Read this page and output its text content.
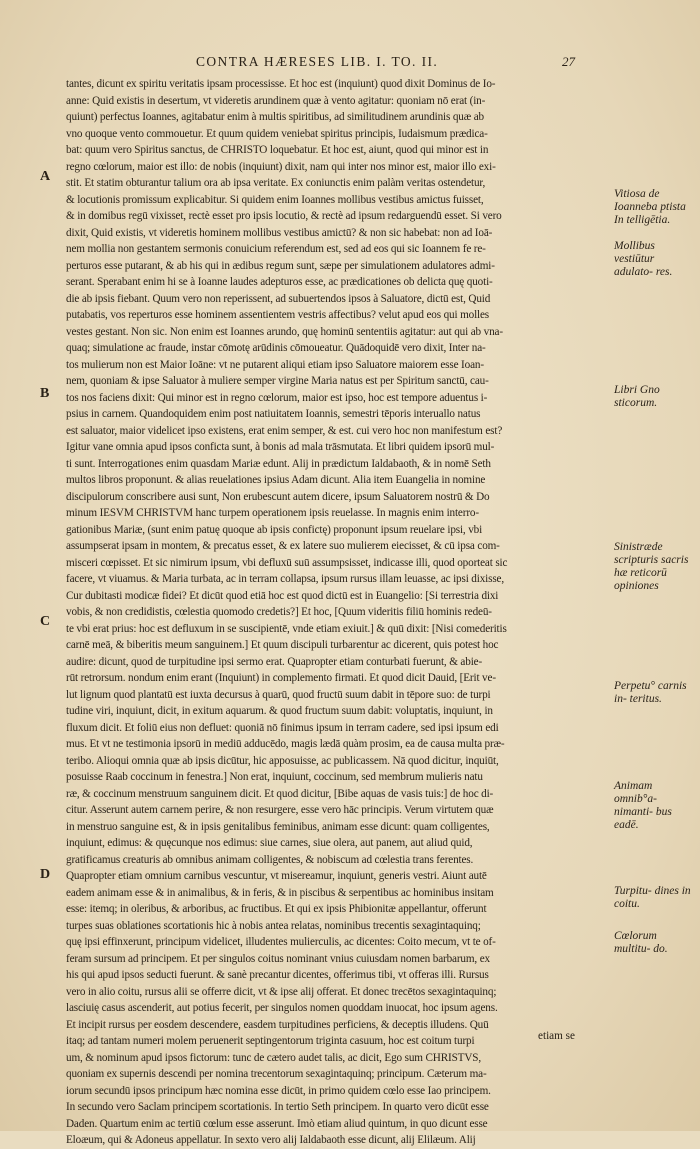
CONTRA HÆRESES LIB. I. TO. II.	27
tantes, dicunt ex spiritu veritatis ipsam processisse. Et hoc est (inquiunt) quod dixit Dominus de Io-
anne: Quid existis in desertum, vt videretis arundinem quæ à vento agitatur: quoniam nō erat (in-
quiunt) perfectus Ioannes, agitabatur enim à multis spiritibus, ad similitudinem arundinis quæ ab
vno quoque vento commouetur. Et quum quidem veniebat spiritus principis, Iudaismum prædica-
bat: quum vero Spiritus sanctus, de CHRISTO loquebatur. Et hoc est, aiunt, quod qui minor est in
regno cœlorum, maior est illo: de nobis (inquiunt) dixit, nam qui inter nos minor est, maior illo exi-
stit. Et statim obturantur talium ora ab ipsa veritate. Ex coniunctis enim palàm veritas ostendetur,
& locutionis promissum explicabitur. Si quidem enim Ioannes mollibus vestibus amictus fuisset,
& in domibus regū vixisset, rectè esset pro ipsis locutio, & rectè ad ipsum redarguendū esset. Si vero
dixit, Quid existis, vt videretis hominem mollibus vestibus amictū? & non sic habebat: non ad Ioā-
nem mollia non gestantem sermonis conuicium referendum est, sed ad eos qui sic Ioannem fe re-
perturos esse putarant, & ab his qui in ædibus regum sunt, sæpe per simulationem adulatores admi-
serant. Sperabant enim hi se à Ioanne laudes adepturos esse, ac prædicationes ob delicta quę quoti-
die ab ipsis fiebant. Quum vero non reperissent, ad subuertendos ipsos à Saluatore, dictū est, Quid
putabatis, vos reperturos esse hominem assentientem vestris affectibus? velut apud eos qui molles
vestes gestant. Non sic. Non enim est Ioannes arundo, quę hominū sententiis agitatur: aut qui ab vna-
quaq; simulatione ac fraude, instar cōmotę arūdinis cōmoueatur. Quādoquidē vero dixit, Inter na-
tos mulierum non est Maior Ioāne: vt ne putarent aliqui etiam ipso Saluatore maiorem esse Ioan-
nem, quoniam & ipse Saluator à muliere semper virgine Maria natus est per Spiritum sanctū, cau-
tos nos faciens dixit: Qui minor est in regno cœlorum, maior est ipso, hoc est tempore aduentus i-
psius in carnem. Quandoquidem enim post natiuitatem Ioannis, semestri tēporis interuallo natus
est saluator, maior videlicet ipso existens, erat enim semper, & est. cui vero hoc non manifestum est?
Igitur vane omnia apud ipsos conficta sunt, à bonis ad mala trāsmutata. Et libri quidem ipsorū mul-
ti sunt. Interrogationes enim quasdam Mariæ edunt. Alij in prædictum Ialdabaoth, & in nomē Seth
multos libros proponunt. & alias reuelationes ipsius Adam dicunt. Alia item Euangelia in nomine
discipulorum conscribere ausi sunt, Non erubescunt autem dicere, ipsum Saluatorem nostrū & Do
minum IESVM CHRISTVM hanc turpem operationem ipsis reuelasse. In magnis enim interro-
gationibus Mariæ, (sunt enim patuę quoque ab ipsis confictę) proponunt ipsum reuelare ipsi, vbi
assumpserat ipsam in montem, & precatus esset, & ex latere suo mulierem eiecisset, & cū ipsa com-
misceri cœpisset. Et sic nimirum ipsum, vbi defluxū suū assumpsisset, indicasse illi, quod oporteat sic
facere, vt viuamus. & Maria turbata, ac in terram collapsa, ipsum rursus illam leuasse, ac ipsi dixisse,
Cur dubitasti modicæ fidei? Et dicūt quod etiā hoc est quod dictū est in Euangelio: [Si terrestria dixi
vobis, & non credidistis, cœlestia quomodo credetis?] Et hoc, [Quum videritis filiū hominis redeū-
te vbi erat prius: hoc est defluxum in se suscipientē, vnde etiam exiuit.] & quū dixit: [Nisi comederitis
carnē meā, & biberitis meum sanguinem.] Et quum discipuli turbarentur ac dicerent, quis potest hoc
audire: dicunt, quod de turpitudine ipsi sermo erat. Quapropter etiam conturbati fuerunt, & abie-
rūt retrorsum. nondum enim erant (Inquiunt) in complemento firmati. Et quod dicit Dauid, [Erit ve-
lut lignum quod plantatū est iuxta decursus à quarū, quod fructū suum dabit in tēpore suo: de turpi
tudine viri, inquiunt, dicit, in exitum aquarum. & quod fructum suum dabit: voluptatis, inquiunt, in
fluxum dicit. Et foliū eius non defluet: quoniā nō finimus ipsum in terram cadere, sed ipsi ipsum edi
mus. Et vt ne testimonia ipsorū in mediū adducēdo, magis lædā quàm prosim, ea de causa multa præ-
teribo. Alioqui omnia quæ ab ipsis dicūtur, hic apposuisse, ac publicassem. Nā quod dicitur, inquiūt,
posuisse Raab coccinum in fenestra.] Non erat, inquiunt, coccinum, sed membrum mulieris natu
ræ, & coccinum menstruum sanguinem dicit. Et quod dicitur, [Bibe aquas de vasis tuis:] de hoc di-
citur. Asserunt autem carnem perire, & non resurgere, esse vero hāc principis. Verum virtutem quæ
in menstruo sanguine est, & in ipsis genitalibus feminibus, animam esse dicunt: quam colligentes,
inquiunt, edimus: & quęcunque nos edimus: siue carnes, siue olera, aut panem, aut aliud quid,
gratificamus creaturis ab omnibus animam colligentes, & nobiscum ad cœlestia trans ferentes.
Quapropter etiam omnium carnibus vescuntur, vt misereamur, inquiunt, generis vestri. Aiunt autē
eadem animam esse & in animalibus, & in feris, & in piscibus & serpentibus ac hominibus insitam
esse: itemq; in oleribus, & arboribus, ac fructibus. Et qui ex ipsis Phibionitæ appellantur, offerunt
turpes suas oblationes scortationis hic à nobis antea relatas, nominibus trecentis sexagintaquinq;
quę ipsi effinxerunt, principum videlicet, illudentes mulierculis, ac dicentes: Coito mecum, vt te of-
feram sursum ad principem. Et per singulos coitus nominant vnius cuiusdam nomen barbarum, ex
his qui apud ipsos seducti fuerunt. & sanè precantur dicentes, offerimus tibi, vt offeras illi. Rursus
vero in alio coitu, rursus alii se offerre dicit, vt & ipse alij offerat. Et donec trecētos sexagintaquinq;
lasciuię casus ascenderit, aut potius fecerit, per singulos nomen quoddam inuocat, hoc ipsum agens.
Et incipit rursus per eosdem descendere, easdem turpitudines perficiens, & deceptis illudens. Quū
itaq; ad tantam numeri molem peruenerit septingentorum triginta casuum, hoc est coitum turpi
um, & nominum apud ipsos fictorum: tunc de cætero audet talis, ac dicit, Ego sum CHRISTVS,
quoniam ex supernis descendi per nomina trecentorum sexagintaquinq; principum. Cæterum ma-
iorum secundū ipsos principum hæc nomina esse dicūt, in primo quidem cœlo esse Iao principem.
In secundo vero Saclam principem scortationis. In tertio Seth principem. In quarto vero dicūt esse
Daden. Quartum enim ac tertiū cœlum esse asserunt. Imò etiam aliud quintum, in quo dicunt esse
Eloæum, qui & Adoneus appellatur. In sexto vero alij Ialdabaoth esse dicunt, alij Elilæum. Alij
A
B
C
D
Vitiosa de Ioanneba ptista In telligētia.
Mollibus vestiūtur adulato- res.
Libri Gno sticorum.
Sinistræde scripturis sacris hæ reticorū opiniones
Perpetu° carnis in- teritus.
Animam omnib°a- nimanti- bus eadē.
Turpitu- dines in coitu.
Cœlorum multitu- do.
etiam se
